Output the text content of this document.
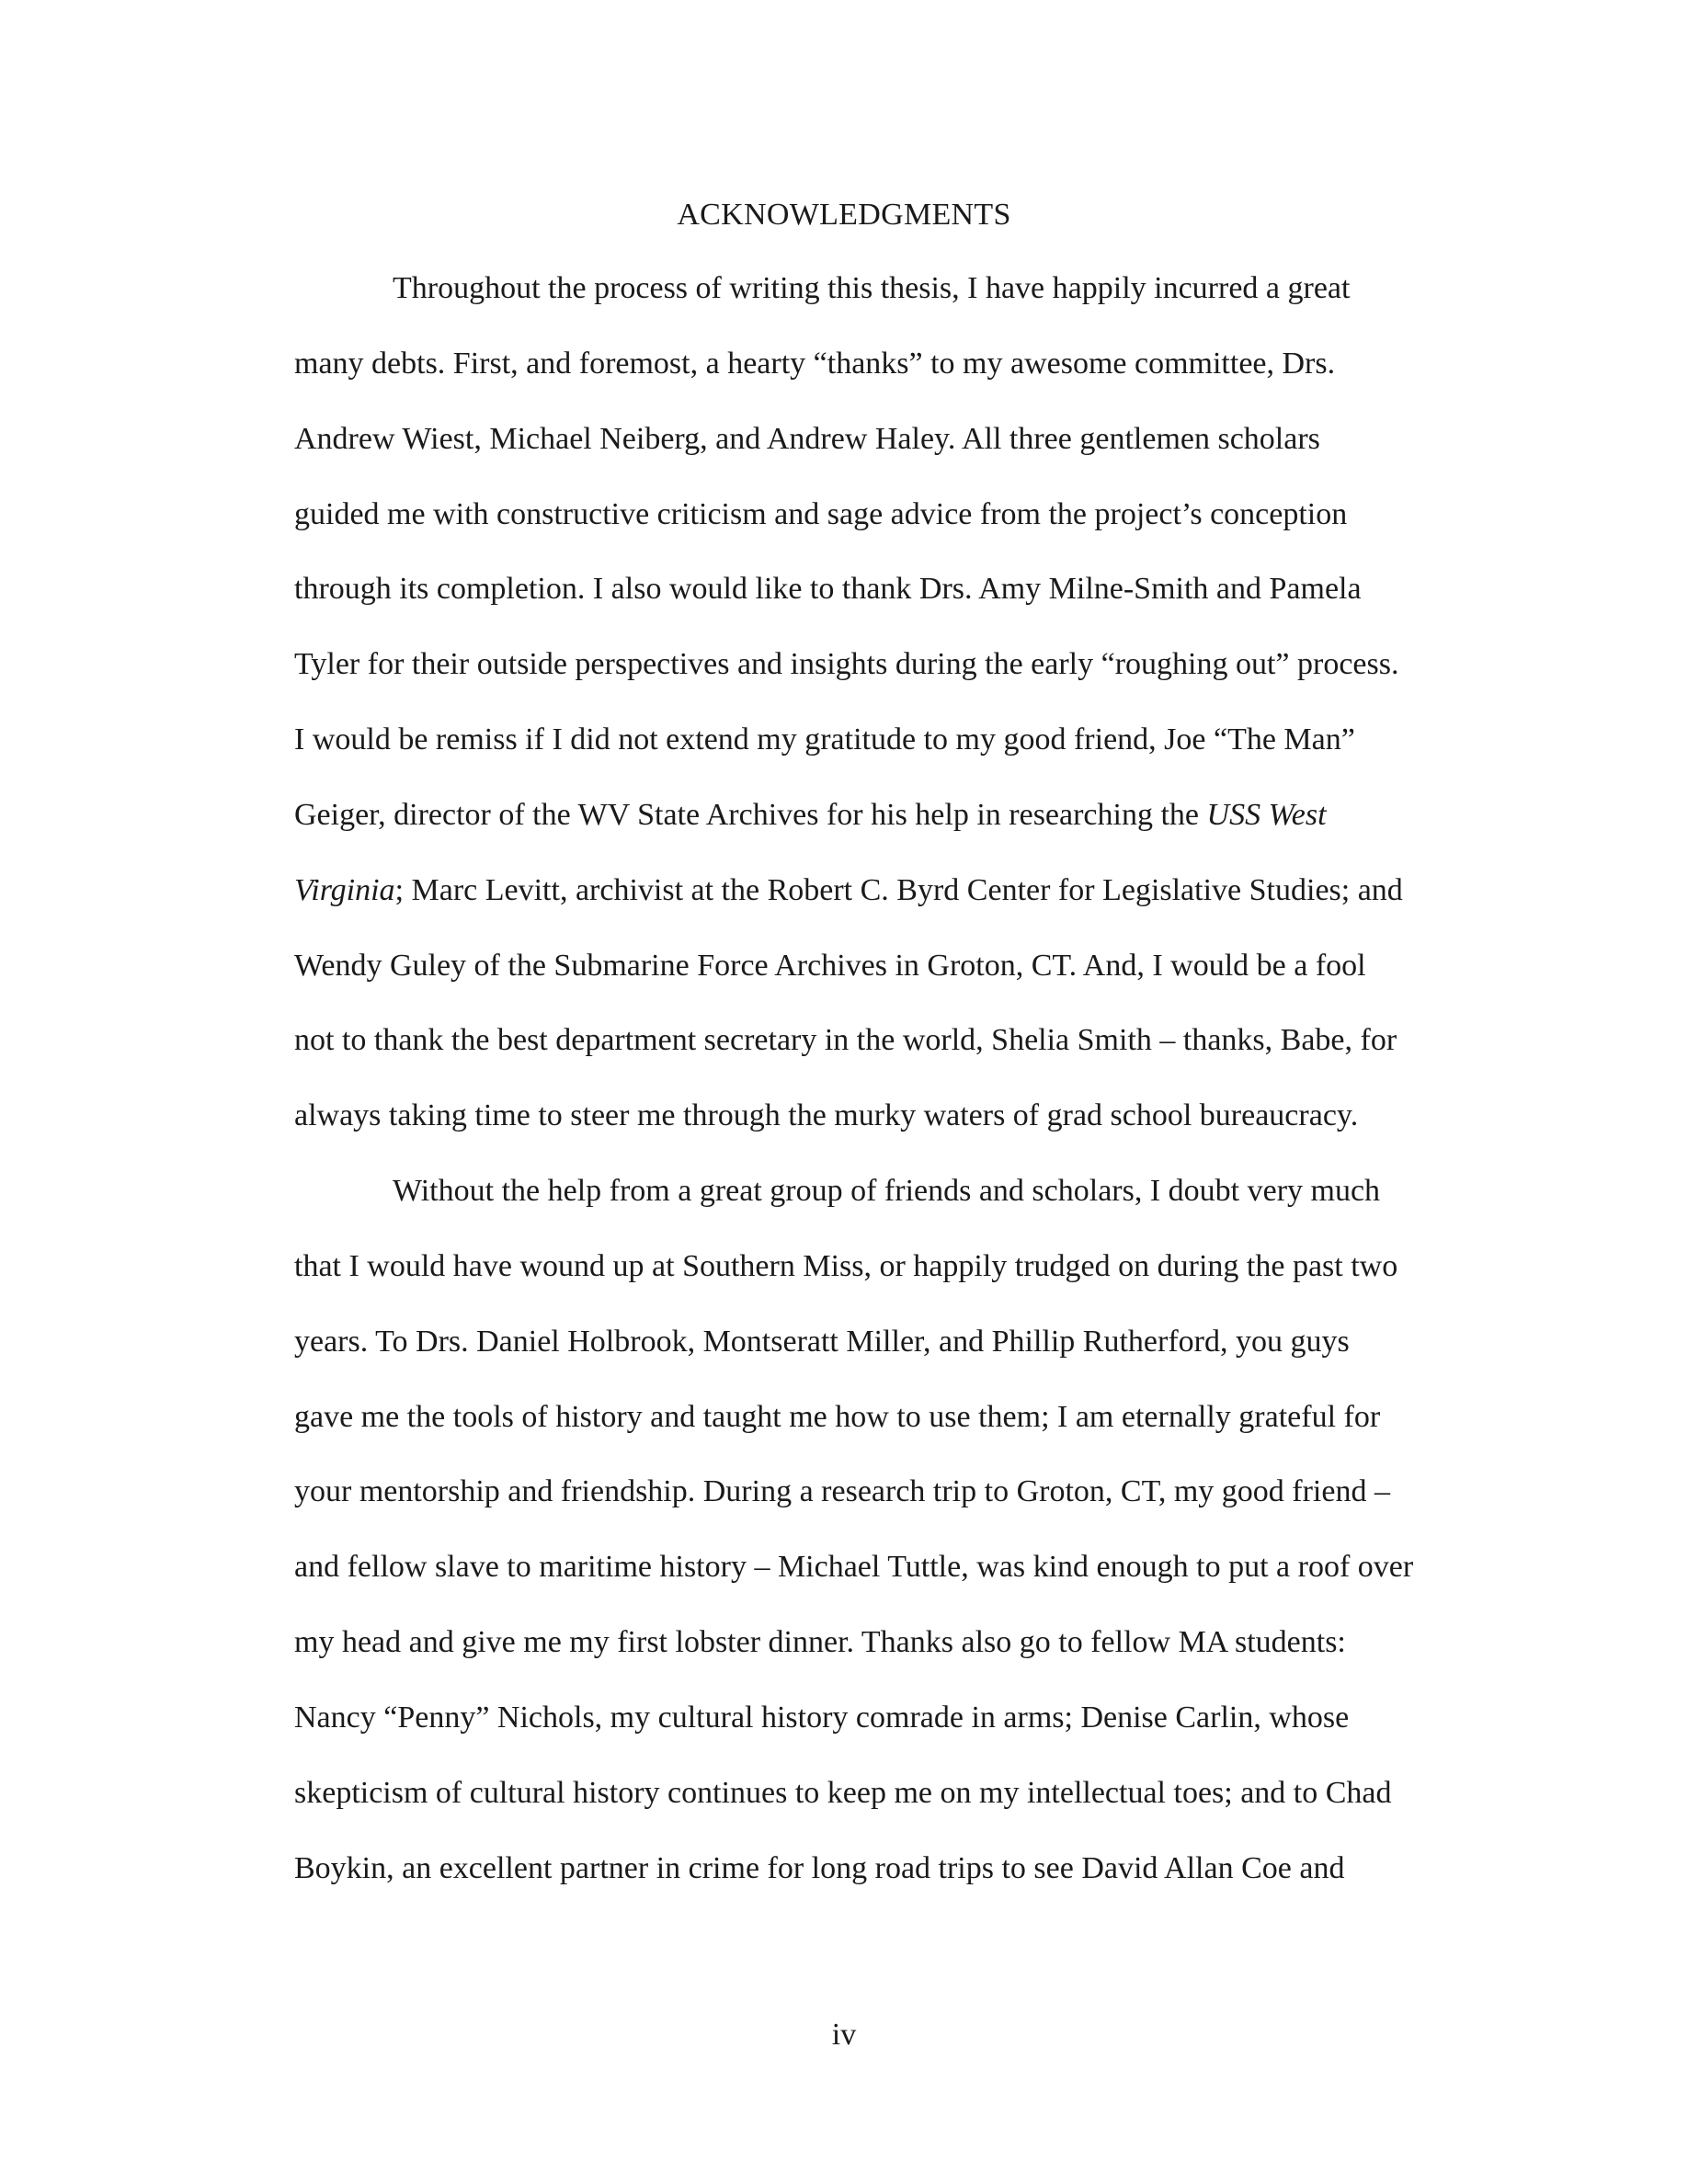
ACKNOWLEDGMENTS
Throughout the process of writing this thesis, I have happily incurred a great
many debts. First, and foremost, a hearty “thanks” to my awesome committee, Drs.
Andrew Wiest, Michael Neiberg, and Andrew Haley. All three gentlemen scholars
guided me with constructive criticism and sage advice from the project’s conception
through its completion. I also would like to thank Drs. Amy Milne-Smith and Pamela
Tyler for their outside perspectives and insights during the early “roughing out” process.
I would be remiss if I did not extend my gratitude to my good friend, Joe “The Man”
Geiger, director of the WV State Archives for his help in researching the USS West
Virginia; Marc Levitt, archivist at the Robert C. Byrd Center for Legislative Studies; and
Wendy Guley of the Submarine Force Archives in Groton, CT. And, I would be a fool
not to thank the best department secretary in the world, Shelia Smith – thanks, Babe, for
always taking time to steer me through the murky waters of grad school bureaucracy.
Without the help from a great group of friends and scholars, I doubt very much
that I would have wound up at Southern Miss, or happily trudged on during the past two
years. To Drs. Daniel Holbrook, Montseratt Miller, and Phillip Rutherford, you guys
gave me the tools of history and taught me how to use them; I am eternally grateful for
your mentorship and friendship. During a research trip to Groton, CT, my good friend –
and fellow slave to maritime history – Michael Tuttle, was kind enough to put a roof over
my head and give me my first lobster dinner. Thanks also go to fellow MA students:
Nancy “Penny” Nichols, my cultural history comrade in arms; Denise Carlin, whose
skepticism of cultural history continues to keep me on my intellectual toes; and to Chad
Boykin, an excellent partner in crime for long road trips to see David Allan Coe and
iv
